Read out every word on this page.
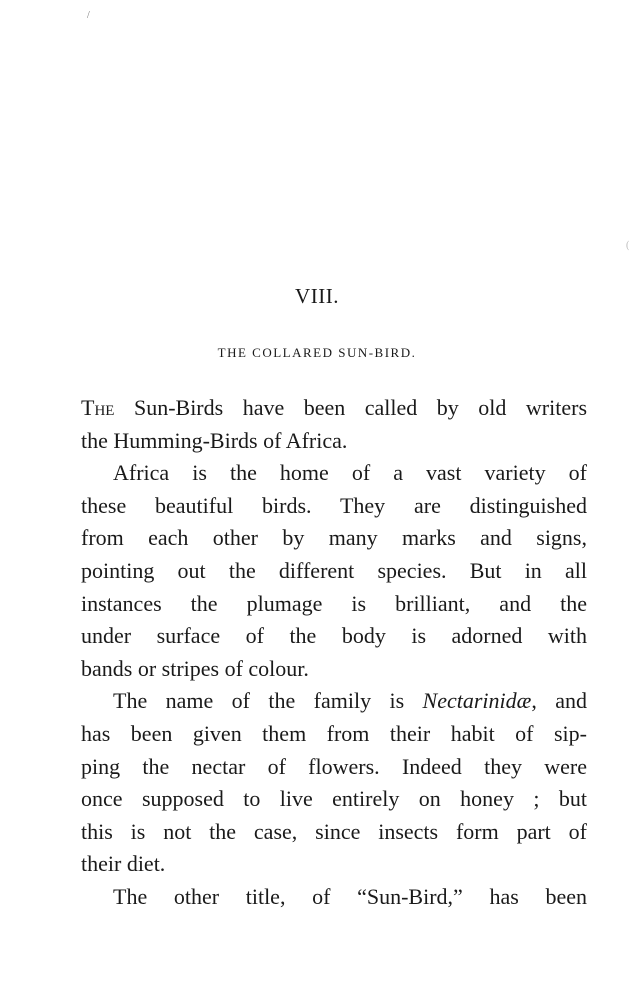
/
(
VIII.
THE COLLARED SUN-BIRD.
The Sun-Birds have been called by old writers
the Humming-Birds of Africa.
Africa is the home of a vast variety of
these beautiful birds. They are distinguished
from each other by many marks and signs,
pointing out the different species. But in all
instances the plumage is brilliant, and the
under surface of the body is adorned with
bands or stripes of colour.
The name of the family is Nectarinidæ, and
has been given them from their habit of sip-
ping the nectar of flowers. Indeed they were
once supposed to live entirely on honey ; but
this is not the case, since insects form part of
their diet.
The other title, of “Sun-Bird,” has been
